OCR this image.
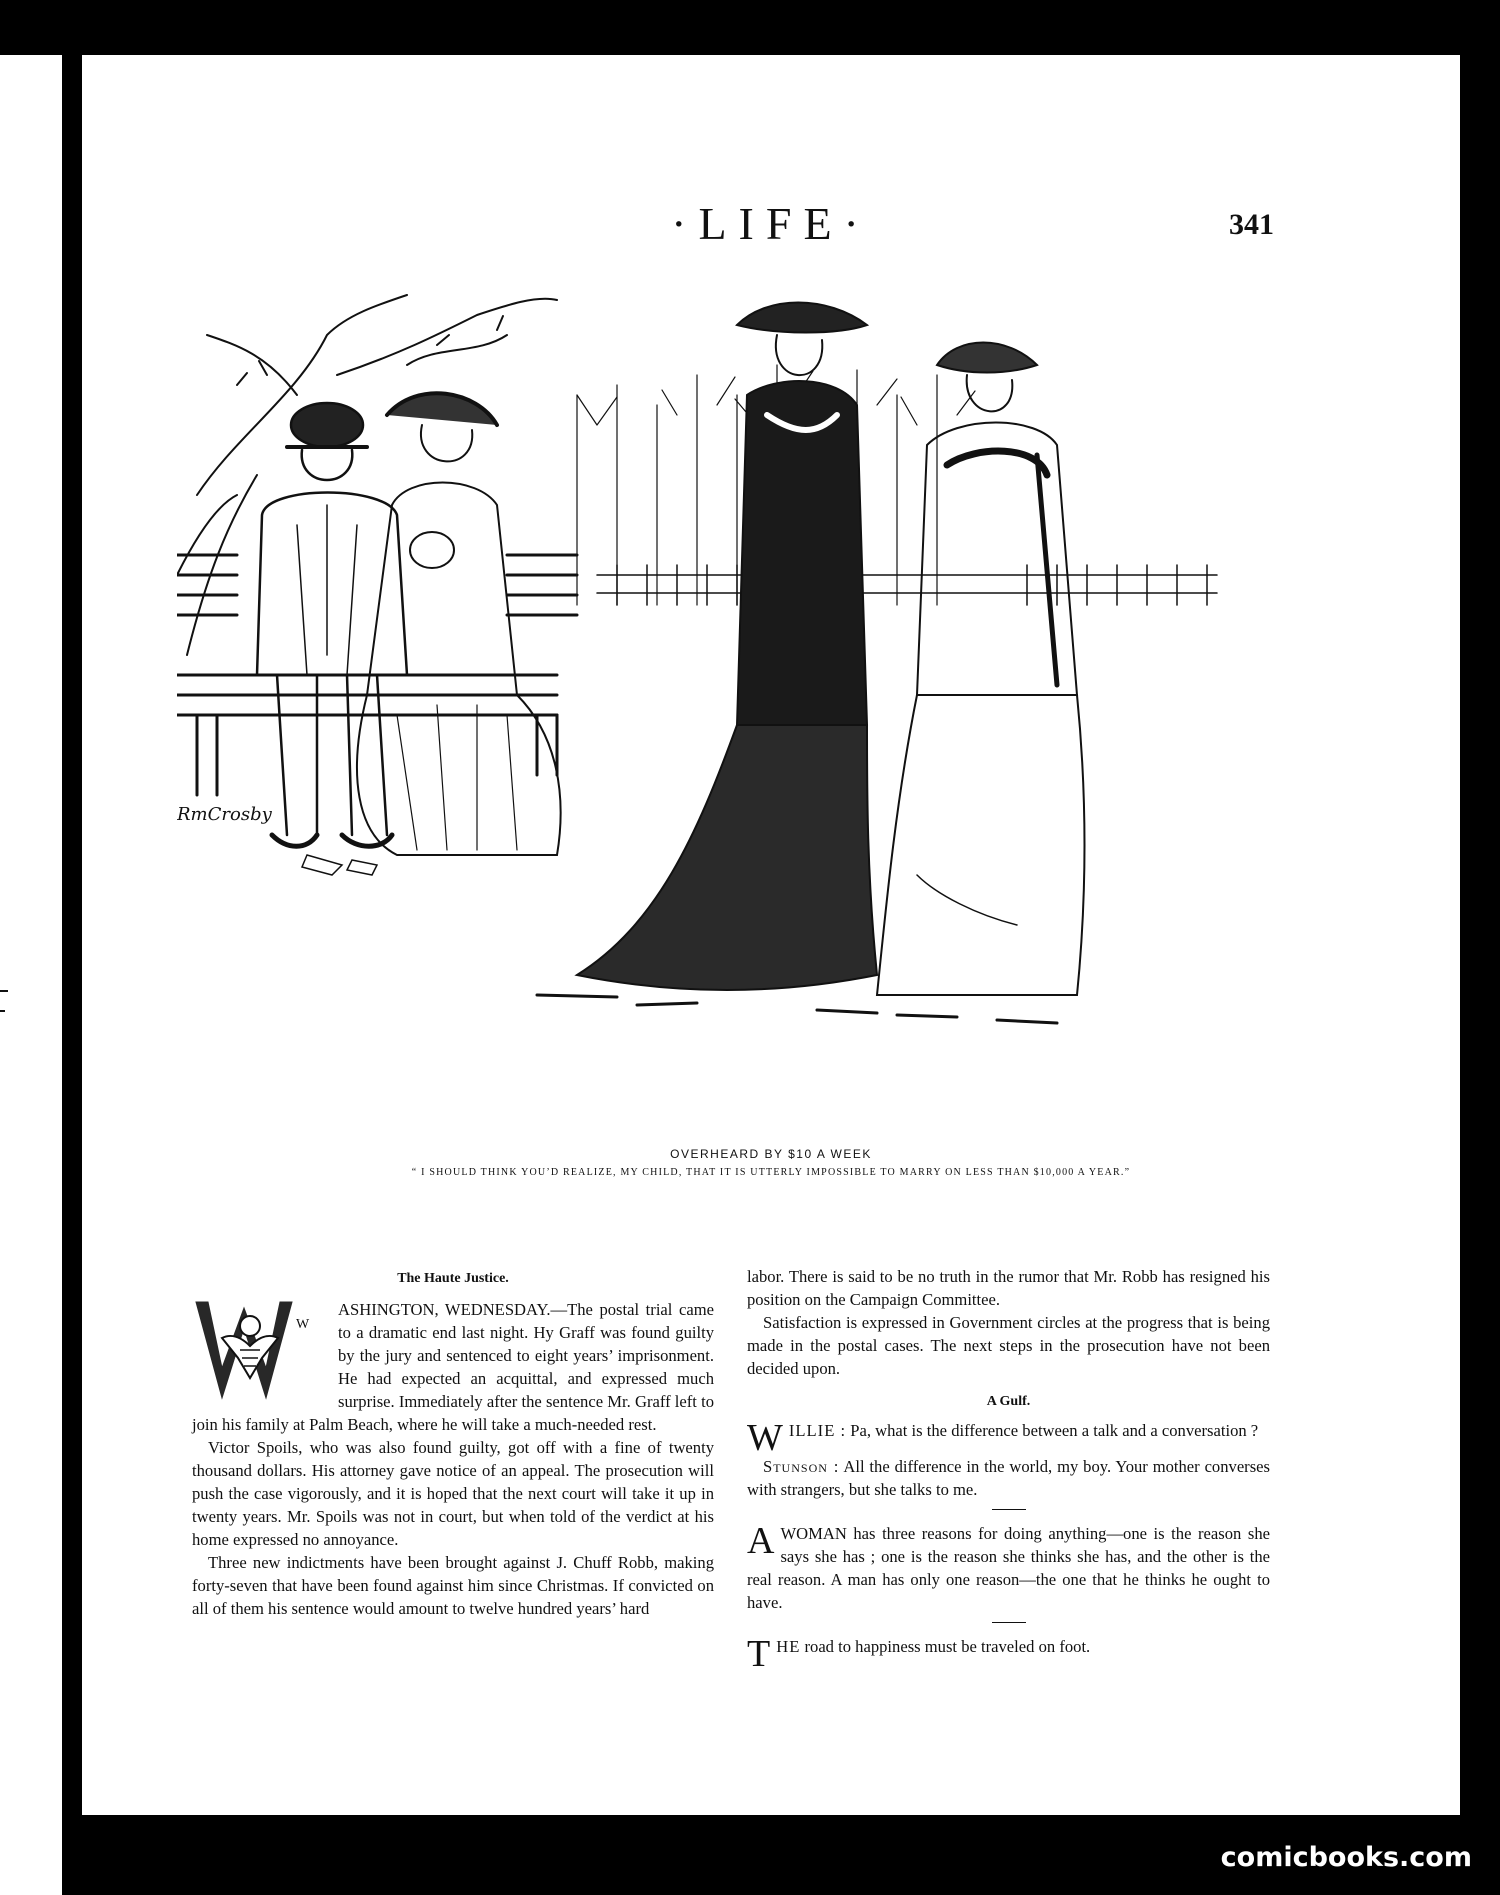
·LIFE·	341
RmCrosby
OVERHEARD BY $10 A WEEK
“ I SHOULD THINK YOU’D REALIZE, MY CHILD, THAT IT IS UTTERLY IMPOSSIBLE TO MARRY ON LESS THAN $10,000 A YEAR.”
The Haute Justice.
W

ASHINGTON, WEDNESDAY.—The postal trial came to a dramatic end last night. Hy Graff was found guilty by the jury and sentenced to eight years’ imprisonment. He had expected an acquittal, and expressed much surprise. Immediately after the sentence Mr. Graff left to join his family at Palm Beach, where he will take a much-needed rest.

Victor Spoils, who was also found guilty, got off with a fine of twenty thousand dollars. His attorney gave notice of an appeal. The prosecution will push the case vigorously, and it is hoped that the next court will take it up in twenty years. Mr. Spoils was not in court, but when told of the verdict at his home expressed no annoyance.

Three new indictments have been brought against J. Chuff Robb, making forty-seven that have been found against him since Christmas. If convicted on all of them his sentence would amount to twelve hundred years’ hard

labor. There is said to be no truth in the rumor that Mr. Robb has resigned his position on the Campaign Committee.

Satisfaction is expressed in Government circles at the progress that is being made in the postal cases. The next steps in the prosecution have not been decided upon.

A Gulf.

WILLIE : Pa, what is the difference between a talk and a conversation ?

Stunson : All the difference in the world, my boy. Your mother converses with strangers, but she talks to me.

A WOMAN has three reasons for doing anything—one is the reason she says she has ; one is the reason she thinks she has, and the other is the real reason. A man has only one reason—the one that he thinks he ought to have.

THE road to happiness must be traveled on foot.

comicbooks.com
